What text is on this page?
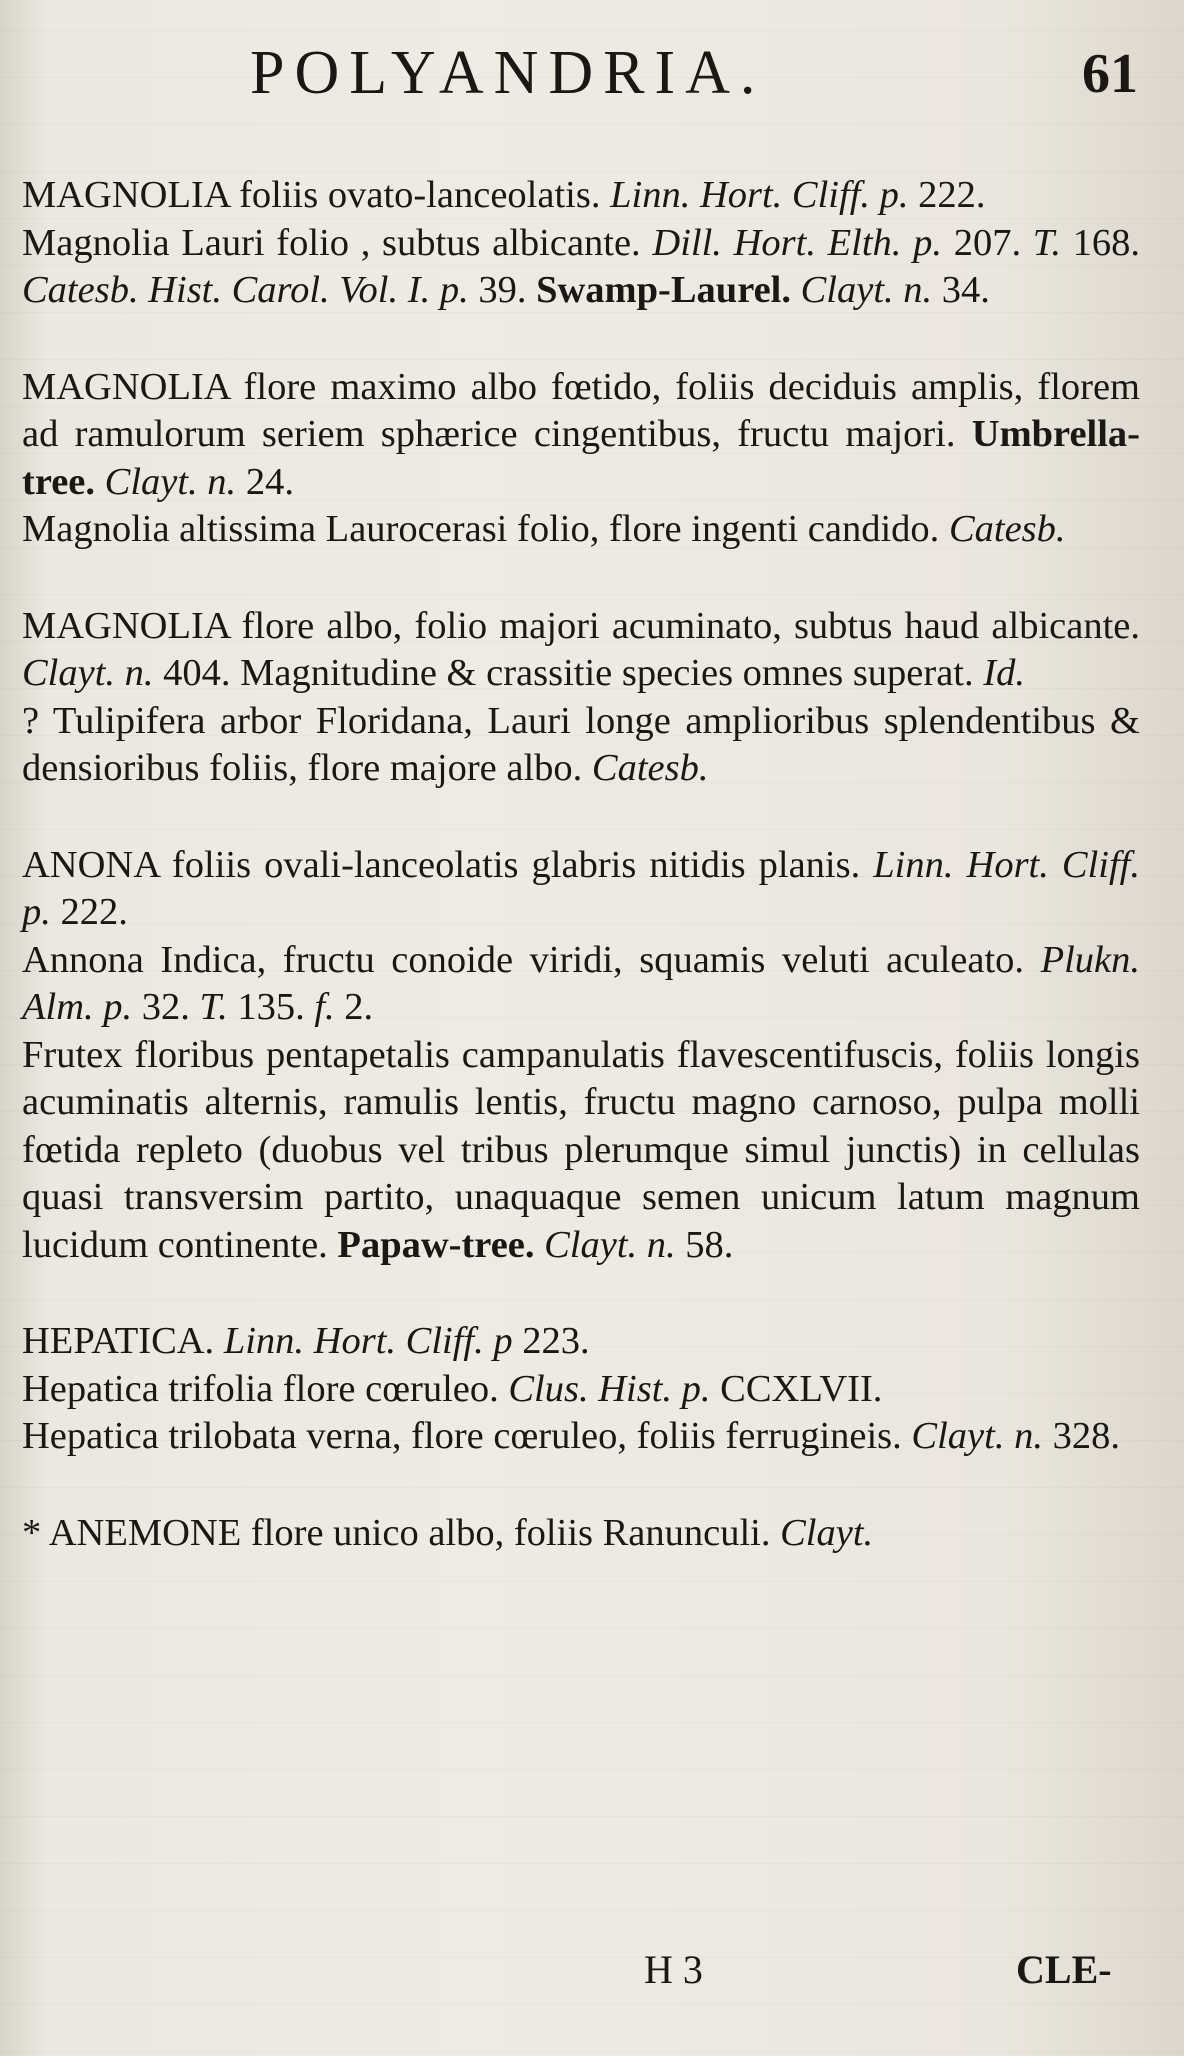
POLYANDRIA.	61

MAGNOLIA foliis ovato-lanceolatis. Linn. Hort. Cliff. p. 222.

Magnolia Lauri folio , subtus albicante. Dill. Hort. Elth. p. 207. T. 168. Catesb. Hist. Carol. Vol. I. p. 39. Swamp-Laurel. Clayt. n. 34.

MAGNOLIA flore maximo albo fœtido, foliis deciduis amplis, florem ad ramulorum seriem sphærice cingentibus, fructu majori. Umbrella-tree. Clayt. n. 24.

Magnolia altissima Laurocerasi folio, flore ingenti candido. Catesb.

MAGNOLIA flore albo, folio majori acuminato, subtus haud albicante. Clayt. n. 404. Magnitudine & crassitie species omnes superat. Id.

? Tulipifera arbor Floridana, Lauri longe amplioribus splendentibus & densioribus foliis, flore majore albo. Catesb.

ANONA foliis ovali-lanceolatis glabris nitidis planis. Linn. Hort. Cliff. p. 222.

Annona Indica, fructu conoide viridi, squamis veluti aculeato. Plukn. Alm. p. 32. T. 135. f. 2.

Frutex floribus pentapetalis campanulatis flavescentifuscis, foliis longis acuminatis alternis, ramulis lentis, fructu magno carnoso, pulpa molli fœtida repleto (duobus vel tribus plerumque simul junctis) in cellulas quasi transversim partito, unaquaque semen unicum latum magnum lucidum continente. Papaw-tree. Clayt. n. 58.

HEPATICA. Linn. Hort. Cliff. p 223.

Hepatica trifolia flore cœruleo. Clus. Hist. p. CCXLVII.

Hepatica trilobata verna, flore cœruleo, foliis ferrugineis. Clayt. n. 328.

* ANEMONE flore unico albo, foliis Ranunculi. Clayt.

H 3	CLE-
